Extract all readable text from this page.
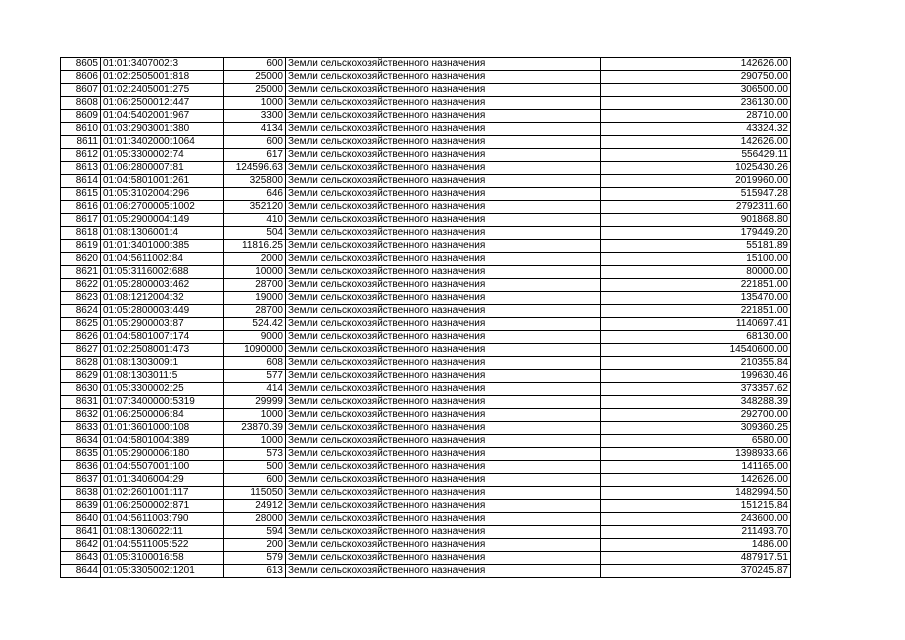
8605	01:01:3407002:3	600	Земли сельскохозяйственного назначения	142626.00
8606	01:02:2505001:818	25000	Земли сельскохозяйственного назначения	290750.00
8607	01:02:2405001:275	25000	Земли сельскохозяйственного назначения	306500.00
8608	01:06:2500012:447	1000	Земли сельскохозяйственного назначения	236130.00
8609	01:04:5402001:967	3300	Земли сельскохозяйственного назначения	28710.00
8610	01:03:2903001:380	4134	Земли сельскохозяйственного назначения	43324.32
8611	01:01:3402000:1064	600	Земли сельскохозяйственного назначения	142626.00
8612	01:05:3300002:74	617	Земли сельскохозяйственного назначения	556429.11
8613	01:06:2800007:81	124596.63	Земли сельскохозяйственного назначения	1025430.26
8614	01:04:5801001:261	325800	Земли сельскохозяйственного назначения	2019960.00
8615	01:05:3102004:296	646	Земли сельскохозяйственного назначения	515947.28
8616	01:06:2700005:1002	352120	Земли сельскохозяйственного назначения	2792311.60
8617	01:05:2900004:149	410	Земли сельскохозяйственного назначения	901868.80
8618	01:08:1306001:4	504	Земли сельскохозяйственного назначения	179449.20
8619	01:01:3401000:385	11816.25	Земли сельскохозяйственного назначения	55181.89
8620	01:04:5611002:84	2000	Земли сельскохозяйственного назначения	15100.00
8621	01:05:3116002:688	10000	Земли сельскохозяйственного назначения	80000.00
8622	01:05:2800003:462	28700	Земли сельскохозяйственного назначения	221851.00
8623	01:08:1212004:32	19000	Земли сельскохозяйственного назначения	135470.00
8624	01:05:2800003:449	28700	Земли сельскохозяйственного назначения	221851.00
8625	01:05:2900003:87	524.42	Земли сельскохозяйственного назначения	1140697.41
8626	01:04:5801007:174	9000	Земли сельскохозяйственного назначения	68130.00
8627	01:02:2508001:473	1090000	Земли сельскохозяйственного назначения	14540600.00
8628	01:08:1303009:1	608	Земли сельскохозяйственного назначения	210355.84
8629	01:08:1303011:5	577	Земли сельскохозяйственного назначения	199630.46
8630	01:05:3300002:25	414	Земли сельскохозяйственного назначения	373357.62
8631	01:07:3400000:5319	29999	Земли сельскохозяйственного назначения	348288.39
8632	01:06:2500006:84	1000	Земли сельскохозяйственного назначения	292700.00
8633	01:01:3601000:108	23870.39	Земли сельскохозяйственного назначения	309360.25
8634	01:04:5801004:389	1000	Земли сельскохозяйственного назначения	6580.00
8635	01:05:2900006:180	573	Земли сельскохозяйственного назначения	1398933.66
8636	01:04:5507001:100	500	Земли сельскохозяйственного назначения	141165.00
8637	01:01:3406004:29	600	Земли сельскохозяйственного назначения	142626.00
8638	01:02:2601001:117	115050	Земли сельскохозяйственного назначения	1482994.50
8639	01:06:2500002:871	24912	Земли сельскохозяйственного назначения	151215.84
8640	01:04:5611003:790	28000	Земли сельскохозяйственного назначения	243600.00
8641	01:08:1306022:11	594	Земли сельскохозяйственного назначения	211493.70
8642	01:04:5511005:522	200	Земли сельскохозяйственного назначения	1486.00
8643	01:05:3100016:58	579	Земли сельскохозяйственного назначения	487917.51
8644	01:05:3305002:1201	613	Земли сельскохозяйственного назначения	370245.87
